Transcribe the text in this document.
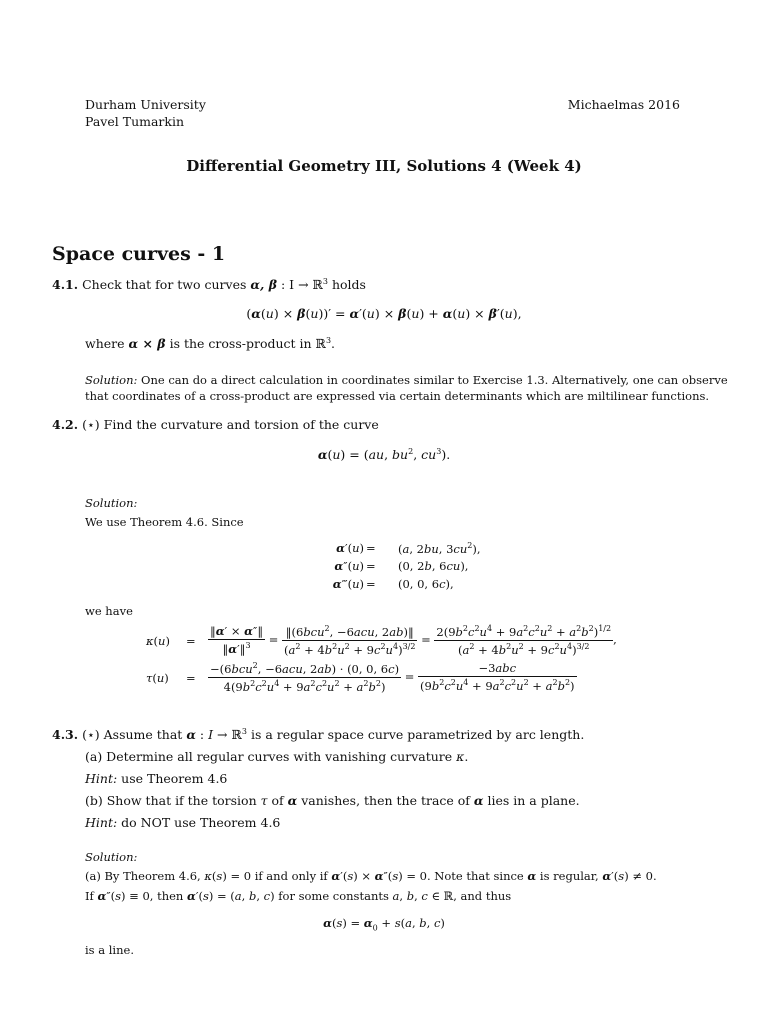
Durham University
Pavel Tumarkin
Michaelmas 2016
Differential Geometry III, Solutions 4 (Week 4)
Space curves - 1
4.1. Check that for two curves α, β : I → ℝ$^3$ holds
(α(u) × β(u))′ = α′(u) × β(u) + α(u) × β′(u),
where α × β is the cross-product in ℝ$^3$.
Solution: One can do a direct calculation in coordinates similar to Exercise 1.3. Alternatively, one can observe
that coordinates of a cross-product are expressed via certain determinants which are miltilinear functions.
4.2. (⋆) Find the curvature and torsion of the curve
α(u) = (au, $bu^2$, $cu^3$).
Solution:
We use Theorem 4.6. Since
α′(u) = (a, 2bu, $3cu^2$),
α″(u) = (0, 2b, 6cu),
α‴(u) = (0, 0, 6c),
we have
$\kappa(u) = \frac{‖\alpha' \times \alpha''‖}{‖\alpha'‖^3} = \frac{‖(6bcu^2, -6acu, 2ab)‖}{(a^2 + 4b^2u^2 + 9c^2u^4)^{3/2}} = \frac{2(9b^2c^2u^4 + 9a^2c^2u^2 + a^2b^2)^{1/2}}{(a^2 + 4b^2u^2 + 9c^2u^4)^{3/2}}$ ,
$\tau(u) = \frac{-(6bcu^2, -6acu, 2ab) \cdot (0, 0, 6c)}{4(9b^2c^2u^4 + 9a^2c^2u^2 + a^2b^2)} = \frac{\text{−3abc}}{(9b^2c^2u^4 + 9a^2c^2u^2 + a^2b^2)}$
4.3. (⋆) Assume that α : I → ℝ$^3$ is a regular space curve parametrized by arc length.
(a) Determine all regular curves with vanishing curvature κ.
Hint: use Theorem 4.6
(b) Show that if the torsion τ of α vanishes, then the trace of α lies in a plane.
Hint: do NOT use Theorem 4.6
Solution:
(a) By Theorem 4.6, κ(s) = 0 if and only if α′(s) × α″(s) = 0. Note that since α is regular, α′(s) ≠ 0.
If α″(s) ≡ 0, then α′(s) = (a, b, c) for some constants a, b, c ∈ ℝ, and thus
$\alpha(s) = \alpha_0 + s(a$, b, c)
is a line.
